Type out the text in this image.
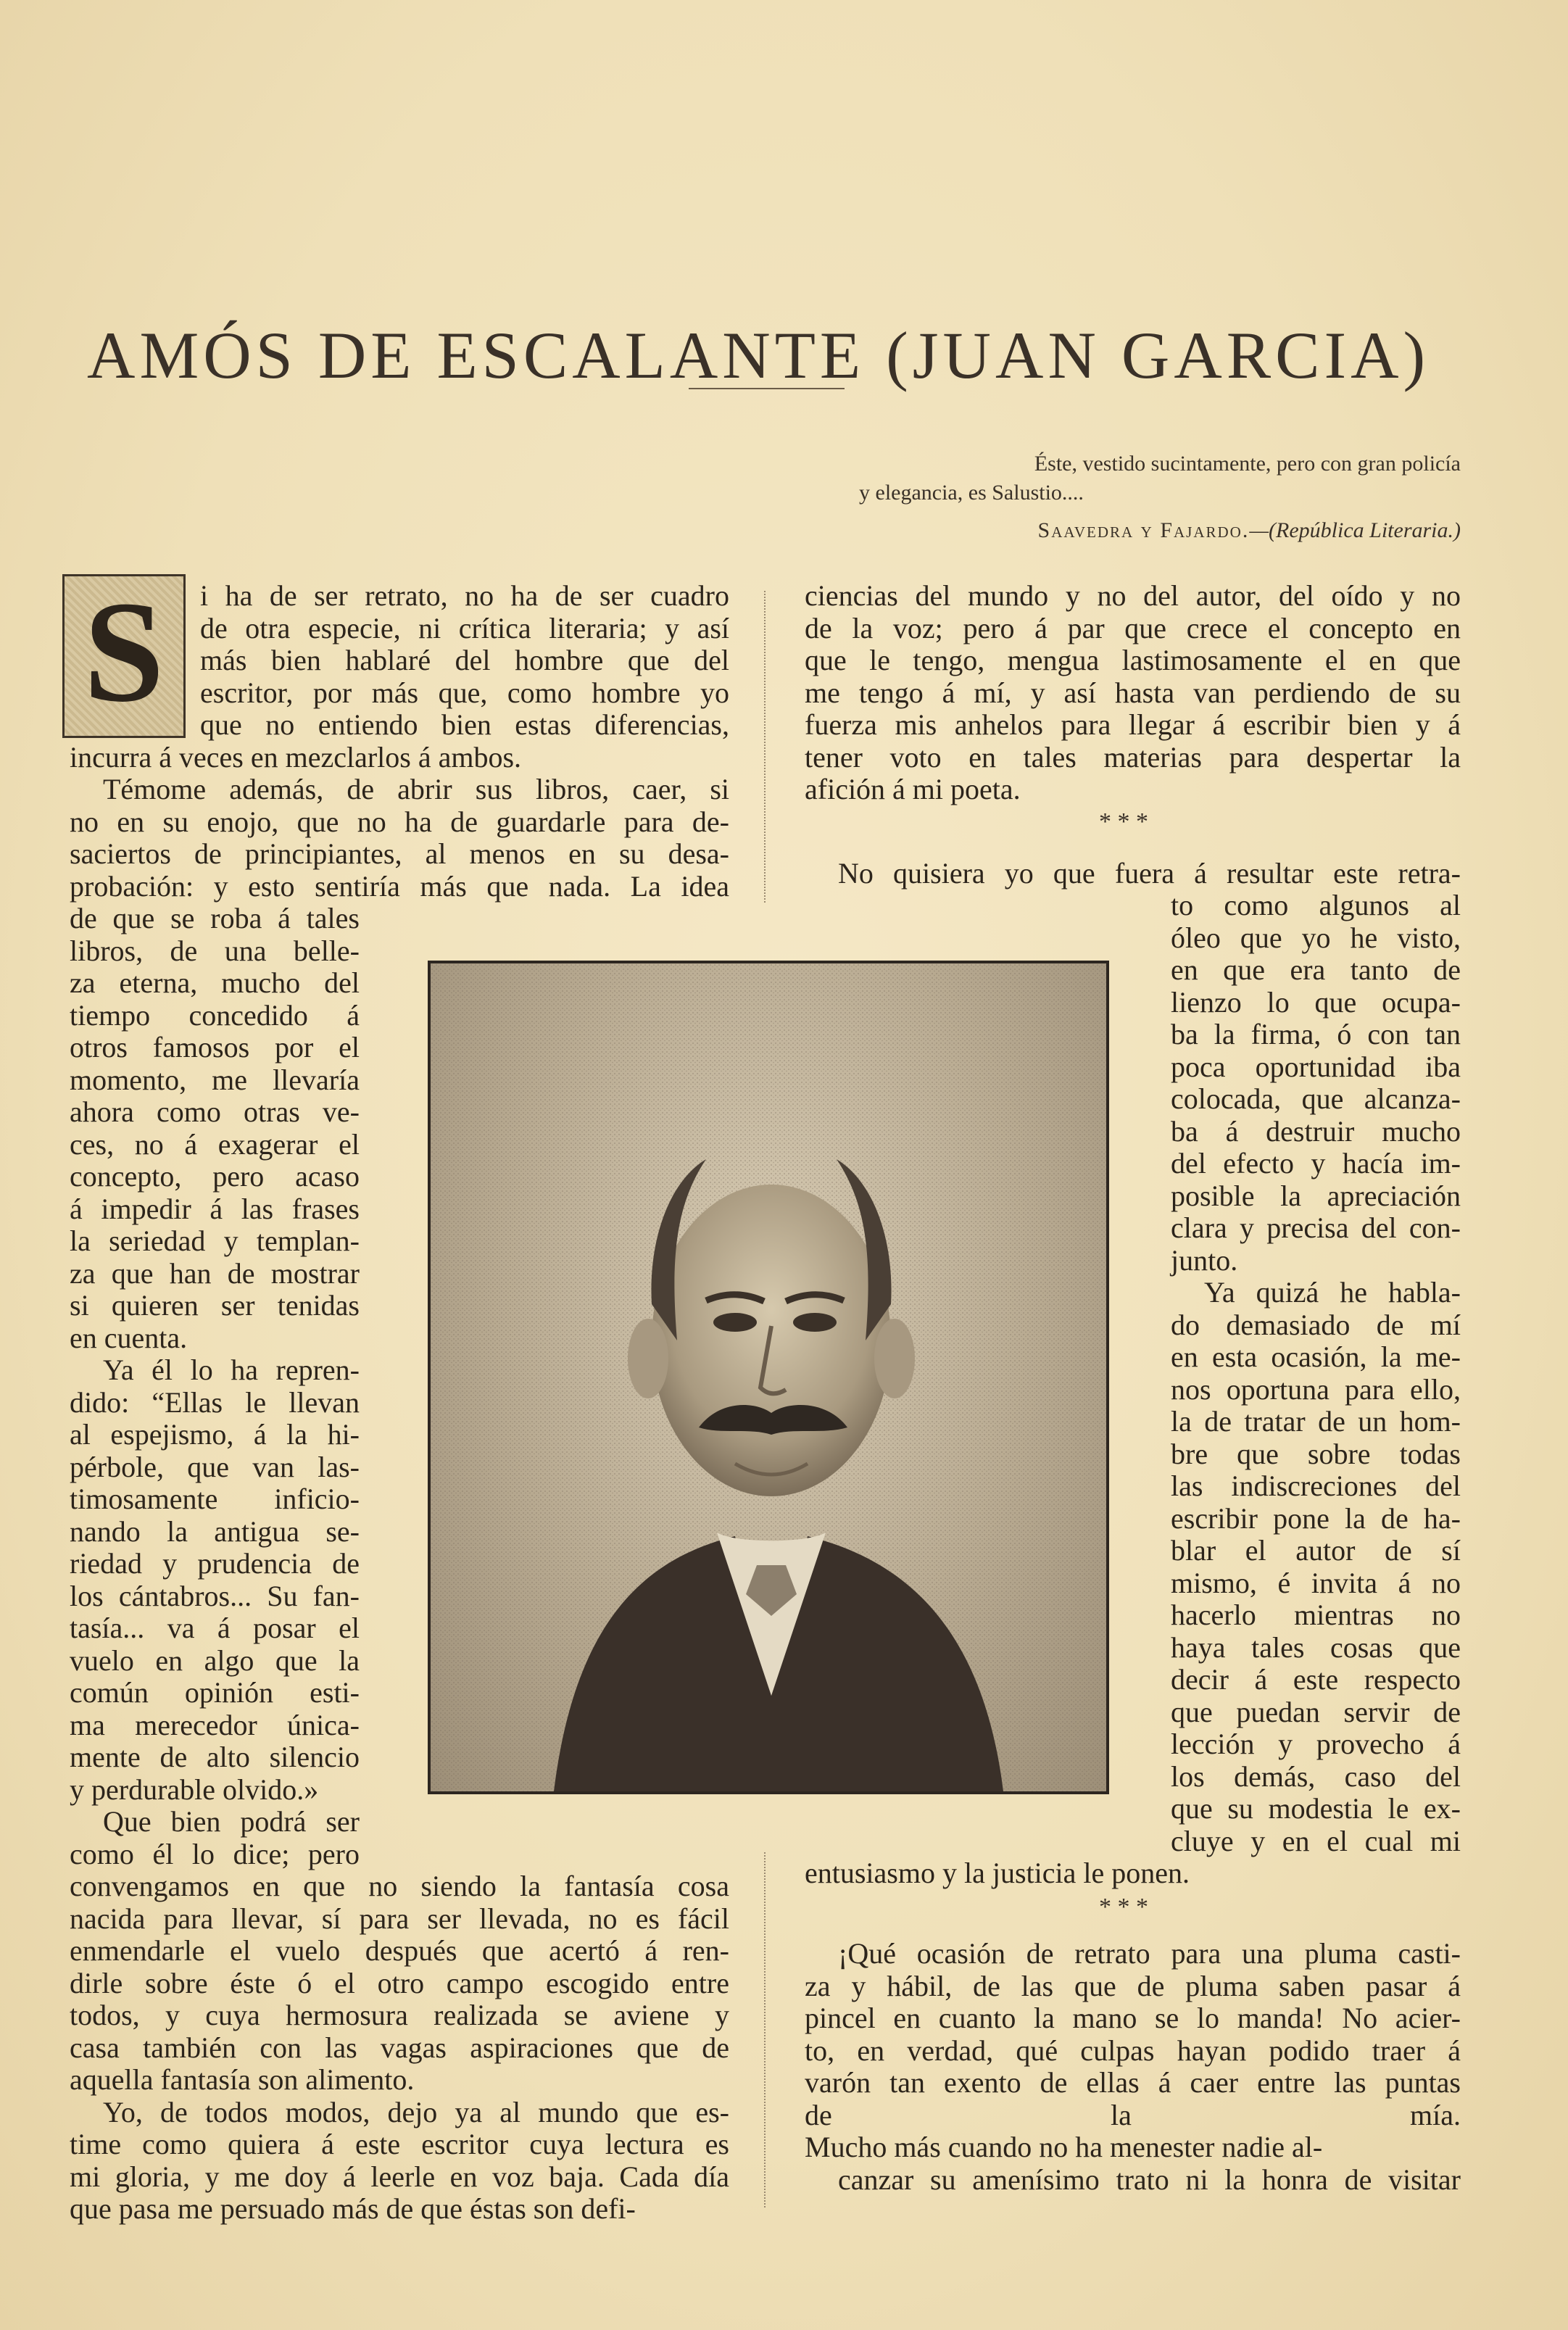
AMÓS DE ESCALANTE (JUAN GARCIA)
Éste, vestido sucintamente, pero con gran policía
y elegancia, es Salustio....
Saavedra y Fajardo.—(República Literaria.)
S	i ha de ser retrato, no ha de ser cuadro
de otra especie, ni crítica literaria; y así
más bien hablaré del hombre que del
escritor, por más que, como hombre yo
que no entiendo bien estas diferencias,
incurra á veces en mezclarlos á ambos.
Témome además, de abrir sus libros, caer, si
no en su enojo, que no ha de guardarle para de-
saciertos de principiantes, al menos en su desa-
probación: y esto sentiría más que nada. La idea
de que se roba á tales
libros, de una belle-
za eterna, mucho del
tiempo concedido á
otros famosos por el
momento, me llevaría
ahora como otras ve-
ces, no á exagerar el
concepto, pero acaso
á impedir á las frases
la seriedad y templan-
za que han de mostrar
si quieren ser tenidas
en cuenta.
Ya él lo ha repren-
dido: “Ellas le llevan
al espejismo, á la hi-
pérbole, que van las-
timosamente inficio-
nando la antigua se-
riedad y prudencia de
los cántabros... Su fan-
tasía... va á posar el
vuelo en algo que la
común opinión esti-
ma merecedor única-
mente de alto silencio
y perdurable olvido.»
Que bien podrá ser
como él lo dice; pero
convengamos en que no siendo la fantasía cosa
nacida para llevar, sí para ser llevada, no es fácil
enmendarle el vuelo después que acertó á ren-
dirle sobre éste ó el otro campo escogido entre
todos, y cuya hermosura realizada se aviene y
casa también con las vagas aspiraciones que de
aquella fantasía son alimento.
Yo, de todos modos, dejo ya al mundo que es-
time como quiera á este escritor cuya lectura es
mi gloria, y me doy á leerle en voz baja. Cada día
que pasa me persuado más de que éstas son defi-
ciencias del mundo y no del autor, del oído y no
de la voz; pero á par que crece el concepto en
que le tengo, mengua lastimosamente el en que
me tengo á mí, y así hasta van perdiendo de su
fuerza mis anhelos para llegar á escribir bien y á
tener voto en tales materias para despertar la
afición á mi poeta.
No quisiera yo que fuera á resultar este retra-
to como algunos al
óleo que yo he visto,
en que era tanto de
lienzo lo que ocupa-
ba la firma, ó con tan
poca oportunidad iba
colocada, que alcanza-
ba á destruir mucho
del efecto y hacía im-
posible la apreciación
clara y precisa del con-
junto.
Ya quizá he habla-
do demasiado de mí
en esta ocasión, la me-
nos oportuna para ello,
la de tratar de un hom-
bre que sobre todas
las indiscreciones del
escribir pone la de ha-
blar el autor de sí
mismo, é invita á no
hacerlo mientras no
haya tales cosas que
decir á este respecto
que puedan servir de
lección y provecho á
los demás, caso del
que su modestia le ex-
cluye y en el cual mi
entusiasmo y la justicia le ponen.
¡Qué ocasión de retrato para una pluma casti-
za y hábil, de las que de pluma saben pasar á
pincel en cuanto la mano se lo manda! No acier-
to, en verdad, qué culpas hayan podido traer á
varón tan exento de ellas á caer entre las puntas
de la mía.
Mucho más cuando no ha menester nadie al-
canzar su amenísimo trato ni la honra de visitar
* * *
* * *
